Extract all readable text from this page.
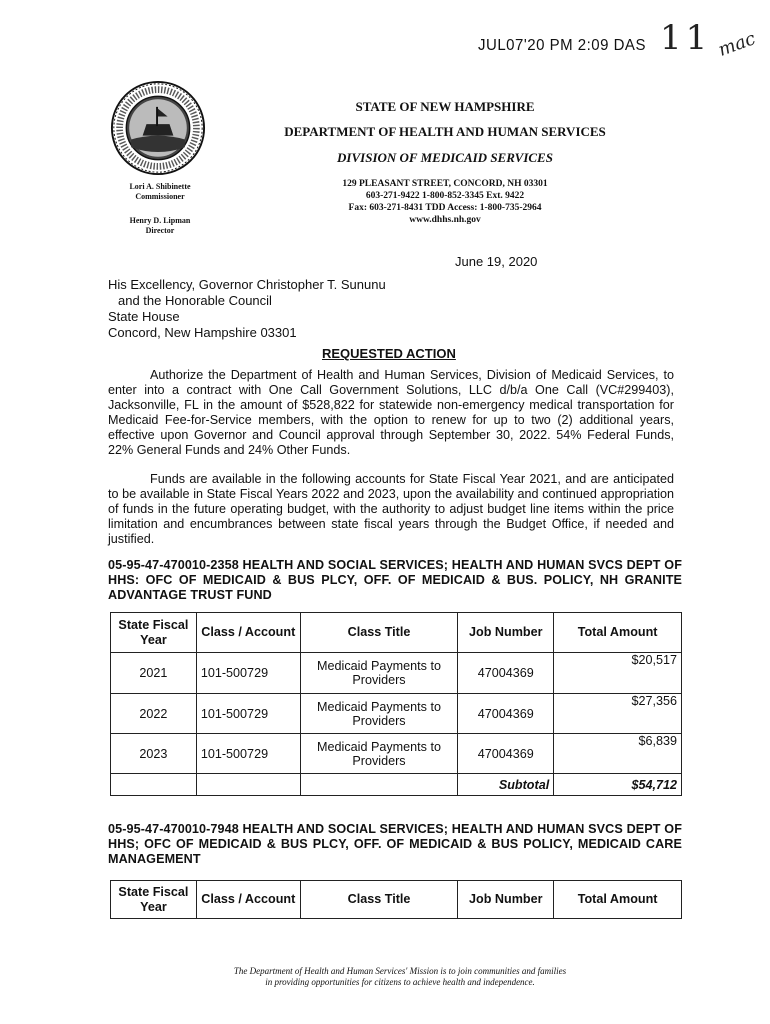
JUL07'20 PM 2:09 DAS 11 mac
Lori A. Shibinette
Commissioner
Henry D. Lipman
Director
STATE OF NEW HAMPSHIRE
DEPARTMENT OF HEALTH AND HUMAN SERVICES
DIVISION OF MEDICAID SERVICES
129 PLEASANT STREET, CONCORD, NH 03301
603-271-9422 1-800-852-3345 Ext. 9422
Fax: 603-271-8431 TDD Access: 1-800-735-2964
www.dhhs.nh.gov
June 19, 2020
His Excellency, Governor Christopher T. Sununu
and the Honorable Council
State House
Concord, New Hampshire 03301
REQUESTED ACTION
Authorize the Department of Health and Human Services, Division of Medicaid Services, to enter into a contract with One Call Government Solutions, LLC d/b/a One Call (VC#299403), Jacksonville, FL in the amount of $528,822 for statewide non-emergency medical transportation for Medicaid Fee-for-Service members, with the option to renew for up to two (2) additional years, effective upon Governor and Council approval through September 30, 2022. 54% Federal Funds, 22% General Funds and 24% Other Funds.
Funds are available in the following accounts for State Fiscal Year 2021, and are anticipated to be available in State Fiscal Years 2022 and 2023, upon the availability and continued appropriation of funds in the future operating budget, with the authority to adjust budget line items within the price limitation and encumbrances between state fiscal years through the Budget Office, if needed and justified.
05-95-47-470010-2358 HEALTH AND SOCIAL SERVICES; HEALTH AND HUMAN SVCS DEPT OF HHS: OFC OF MEDICAID & BUS PLCY, OFF. OF MEDICAID & BUS. POLICY, NH GRANITE ADVANTAGE TRUST FUND
State Fiscal Year	Class / Account	Class Title	Job Number	Total Amount
2021	101-500729	Medicaid Payments to Providers	47004369	$20,517
2022	101-500729	Medicaid Payments to Providers	47004369	$27,356
2023	101-500729	Medicaid Payments to Providers	47004369	$6,839
			Subtotal	$54,712
05-95-47-470010-7948 HEALTH AND SOCIAL SERVICES; HEALTH AND HUMAN SVCS DEPT OF HHS; OFC OF MEDICAID & BUS PLCY, OFF. OF MEDICAID & BUS POLICY, MEDICAID CARE MANAGEMENT
State Fiscal Year	Class / Account	Class Title	Job Number	Total Amount
The Department of Health and Human Services' Mission is to join communities and families
in providing opportunities for citizens to achieve health and independence.
